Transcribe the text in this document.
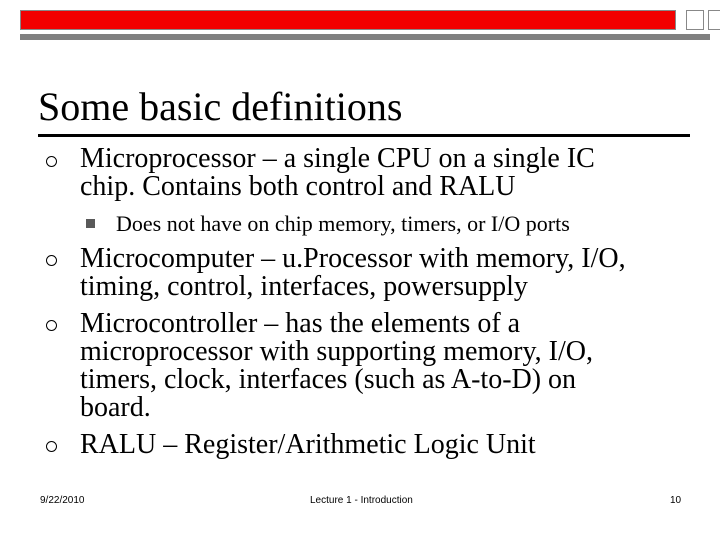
Some basic definitions
Microprocessor – a single CPU on a single IC
chip. Contains both control and RALU
Does not have on chip memory, timers, or I/O ports
Microcomputer – u.Processor with memory, I/O,
timing, control, interfaces, powersupply
Microcontroller – has the elements of a
microprocessor with supporting memory, I/O,
timers, clock, interfaces (such as A-to-D) on
board.
RALU – Register/Arithmetic Logic Unit
9/22/2010	Lecture 1 - Introduction	10
